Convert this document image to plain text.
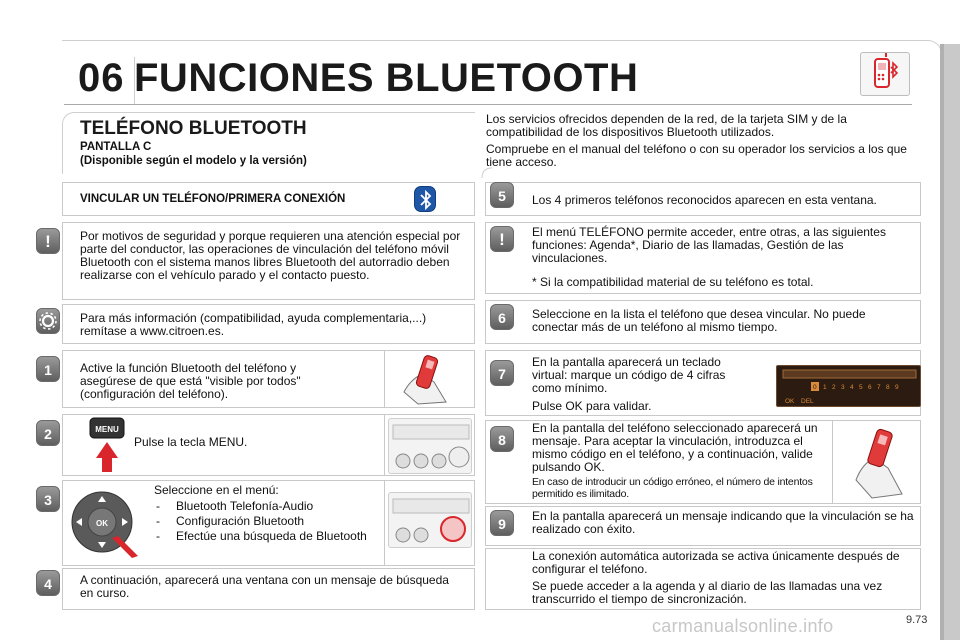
06 FUNCIONES BLUETOOTH
TELÉFONO BLUETOOTH
PANTALLA C
(Disponible según el modelo y la versión)

Los servicios ofrecidos dependen de la red, de la tarjeta SIM y de la compatibilidad de los dispositivos Bluetooth utilizados.

Compruebe en el manual del teléfono o con su operador los servicios a los que tiene acceso.

VINCULAR UN TELÉFONO/PRIMERA CONEXIÓN
!	Por motivos de seguridad y porque requieren una atención especial por parte del conductor, las operaciones de vinculación del teléfono móvil Bluetooth con el sistema manos libres Bluetooth del autorradio deben realizarse con el vehículo parado y el contacto puesto.
Para más información (compatibilidad, ayuda complementaria,...) remítase a www.citroen.es.
1	Active la función Bluetooth del teléfono y asegúrese de que está "visible por todos" (configuración del teléfono).
2	MENU
Pulse la tecla MENU.
3
OK
Seleccione en el menú:
- Bluetooth Telefonía-Audio
- Configuración Bluetooth
- Efectúe una búsqueda de Bluetooth
4	A continuación, aparecerá una ventana con un mensaje de búsqueda en curso.
5	Los 4 primeros teléfonos reconocidos aparecen en esta ventana.
!	El menú TELÉFONO permite acceder, entre otras, a las siguientes funciones: Agenda*, Diario de las llamadas, Gestión de las vinculaciones.
* Si la compatibilidad material de su teléfono es total.
6	Seleccione en la lista el teléfono que desea vincular. No puede conectar más de un teléfono al mismo tiempo.
7
En la pantalla aparecerá un teclado virtual: marque un código de 4 cifras como mínimo.
Pulse OK para validar.
0 1 2 3 4 5 6 7 8 9
OK DEL
8
En la pantalla del teléfono seleccionado aparecerá un mensaje. Para aceptar la vinculación, introduzca el mismo código en el teléfono, y a continuación, valide pulsando OK.
En caso de introducir un código erróneo, el número de intentos permitido es ilimitado.
9	En la pantalla aparecerá un mensaje indicando que la vinculación se ha realizado con éxito.
La conexión automática autorizada se activa únicamente después de configurar el teléfono.
Se puede acceder a la agenda y al diario de las llamadas una vez transcurrido el tiempo de sincronización.
carmanualsonline.info	9.73
